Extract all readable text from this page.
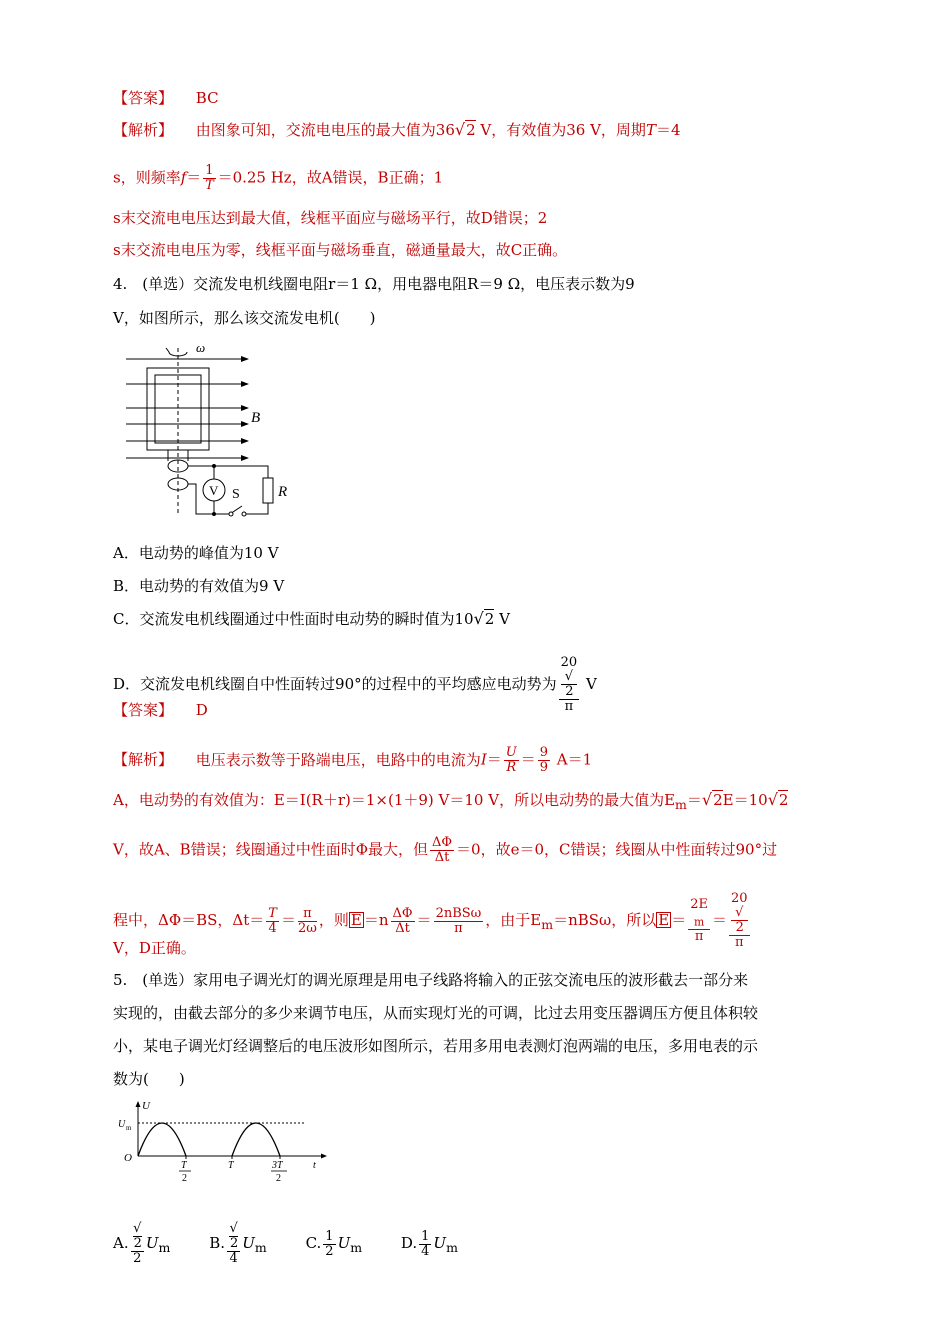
【答案】 BC
【解析】 由图象可知，交流电电压的最大值为36√2 V，有效值为36 V，周期T＝4
s，则频率$f= \frac{1}{T} =0.25$ Hz，故A错误，B正确；1
s末交流电电压达到最大值，线框平面应与磁场平行，故D错误；2
s末交流电电压为零，线框平面与磁场垂直，磁通量最大，故C正确。
4.　(单选）交流发电机线圈电阻r＝1 Ω，用电器电阻R＝9 Ω，电压表示数为9
V，如图所示，那么该交流发电机(　　)
ω
B
V S	R
A．电动势的峰值为10 V
B．电动势的有效值为9 V
C．交流发电机线圈通过中性面时电动势的瞬时值为10√2 V
D．交流发电机线圈自中性面转过90°的过程中的平均感应电动势为 20
√
2
π V
【答案】 D
【解析】 电压表示数等于路端电压，电路中的电流为$I= \frac{U}{R} = \frac{9}{9} A=1$
A，电动势的有效值为：E＝I(R＋r)＝1×(1＋9) V＝10 V，所以电动势的最大值为$E_m=√2E=10√2$
V，故A、B错误；线圈通过中性面时Φ最大，但 $\frac{\Delta\Phi}{\Delta t} =0$，故e＝0，C错误；线圈从中性面转过90°过
程中，ΔΦ＝BS，$\Delta t= \frac{T}{4} = \frac{\pi}{2\omega}$ ，则 $E =n \frac{\Delta\Phi}{\Delta t} = \frac{\text{2nBSω}}{\pi}$ ，由于$E_m=nBS\omega$，所以 E ＝ 2E
$_m$
π ＝ 20
√
2
π
V，D正确。
5.　(单选）家用电子调光灯的调光原理是用电子线路将输入的正弦交流电压的波形截去一部分来
实现的，由截去部分的多少来调节电压，从而实现灯光的可调，比过去用变压器调压方便且体积较
小，某电子调光灯经调整后的电压波形如图所示，若用多用电表测灯泡两端的电压，多用电表的示
数为(　　)
U
U m
O
T
2
T	3T
2
t
A. √
2
2 $U_m$	B. √
2
4 $U_m$	C. $\frac{1}{2} U_m$	D. $\frac{1}{4} U_m$
